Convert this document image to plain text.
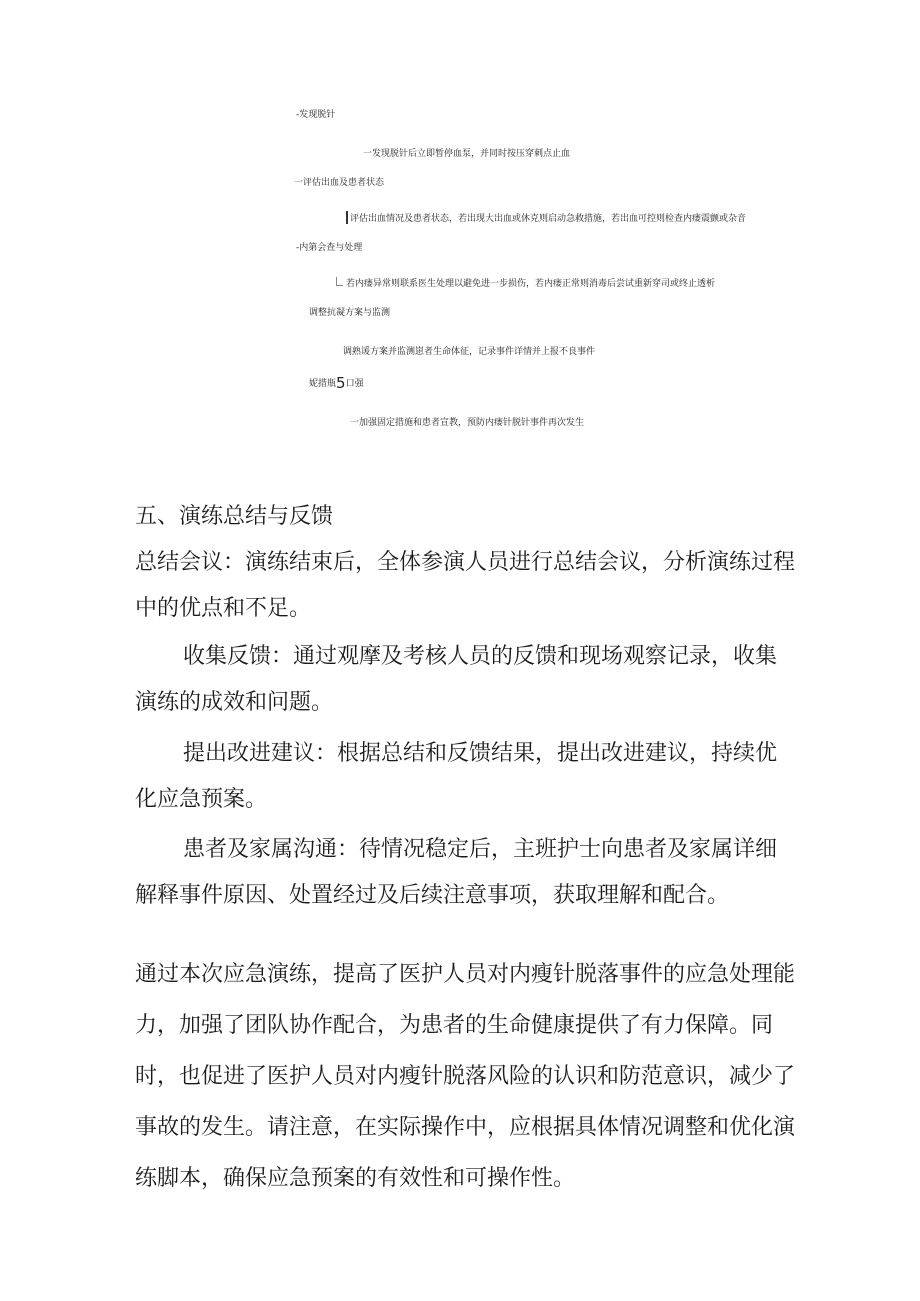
-发现脱针
一发现脱针后立即暂停血泵，并同时按压穿刺点止血
一评估出血及患者状态
评估出血情况及患者状态，若出现大出血或休克则启动急救措施，若出血可控则检查内瘘震颤或杂音
-内第会查与处理
若内瘘异常则联系医生处理以避免进一步损伤，若内瘘正常则消毒后尝试重新穿司或终止透析
调整抗凝方案与监测
调熟谖方案并监测崽者生命体征，记录事件详情并上报不良事件
妮措瓶5口强
一加强固定措施和患者宣教，预防内瘘针脱针事件再次发生

五、演练总结与反馈

总结会议：演练结束后，全体参演人员进行总结会议，分析演练过程中的优点和不足。

收集反馈：通过观摩及考核人员的反馈和现场观察记录，收集演练的成效和问题。

提出改进建议：根据总结和反馈结果，提出改进建议，持续优化应急预案。

患者及家属沟通：待情况稳定后，主班护士向患者及家属详细解释事件原因、处置经过及后续注意事项，获取理解和配合。

通过本次应急演练，提高了医护人员对内瘦针脱落事件的应急处理能力，加强了团队协作配合，为患者的生命健康提供了有力保障。同时，也促进了医护人员对内瘦针脱落风险的认识和防范意识，减少了事故的发生。请注意，在实际操作中，应根据具体情况调整和优化演练脚本，确保应急预案的有效性和可操作性。
